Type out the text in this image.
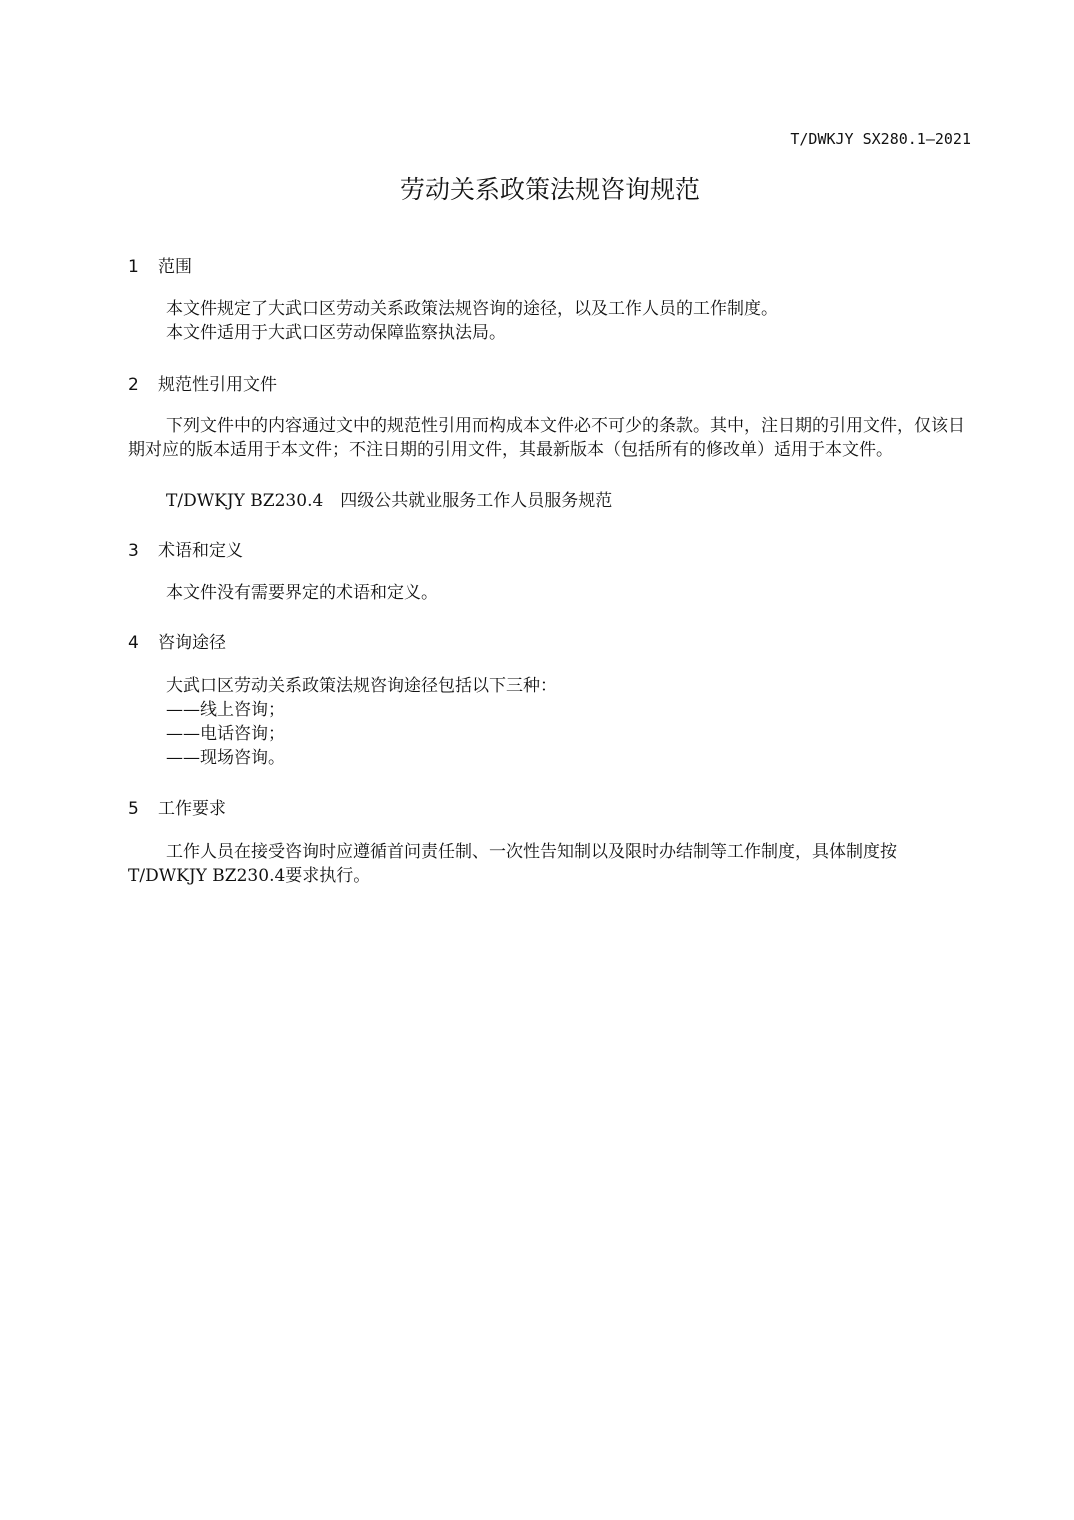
T/DWKJY SX280.1—2021
劳动关系政策法规咨询规范
1 范围

本文件规定了大武口区劳动关系政策法规咨询的途径，以及工作人员的工作制度。

本文件适用于大武口区劳动保障监察执法局。

2 规范性引用文件

下列文件中的内容通过文中的规范性引用而构成本文件必不可少的条款。其中，注日期的引用文件，仅该日期对应的版本适用于本文件；不注日期的引用文件，其最新版本（包括所有的修改单）适用于本文件。

T/DWKJY BZ230.4　四级公共就业服务工作人员服务规范

3 术语和定义

本文件没有需要界定的术语和定义。

4 咨询途径

大武口区劳动关系政策法规咨询途径包括以下三种：

——线上咨询；

——电话咨询；

——现场咨询。

5 工作要求

工作人员在接受咨询时应遵循首问责任制、一次性告知制以及限时办结制等工作制度，具体制度按T/DWKJY BZ230.4要求执行。
